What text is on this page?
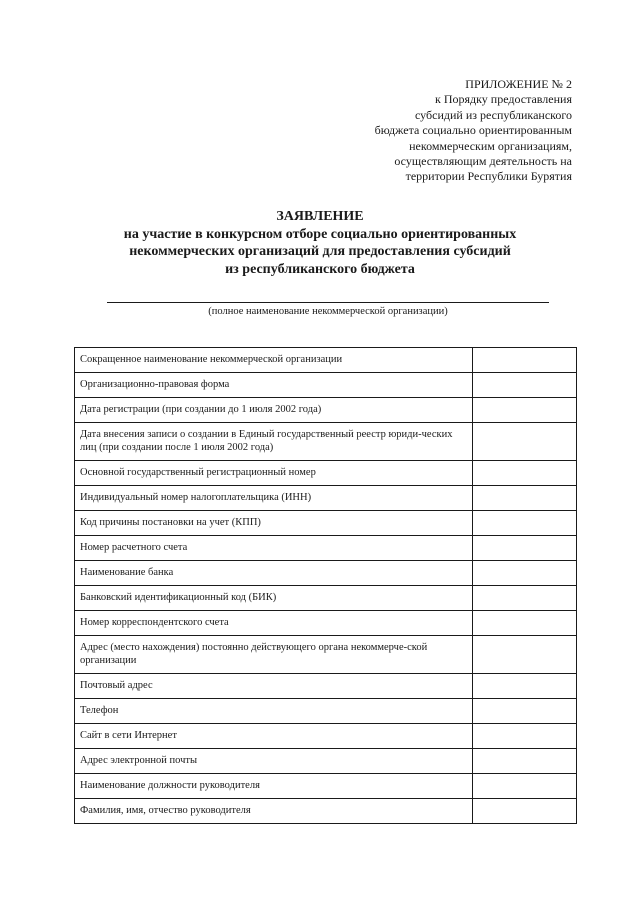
ПРИЛОЖЕНИЕ № 2
к Порядку предоставления
субсидий из республиканского
бюджета социально ориентированным
некоммерческим организациям,
осуществляющим деятельность на
территории Республики Бурятия
ЗАЯВЛЕНИЕ
на участие в конкурсном отборе социально ориентированных
некоммерческих организаций для предоставления субсидий
из республиканского бюджета
(полное наименование некоммерческой организации)
Сокращенное наименование некоммерческой организации	
Организационно-правовая форма	
Дата регистрации (при создании до 1 июля 2002 года)	
Дата внесения записи о создании в Единый государственный реестр юриди-ческих лиц (при создании после 1 июля 2002 года)	
Основной государственный регистрационный номер	
Индивидуальный номер налогоплательщика (ИНН)	
Код причины постановки на учет (КПП)	
Номер расчетного счета	
Наименование банка	
Банковский идентификационный код (БИК)	
Номер корреспондентского счета	
Адрес (место нахождения) постоянно действующего органа некоммерче-ской организации	
Почтовый адрес	
Телефон	
Сайт в сети Интернет	
Адрес электронной почты	
Наименование должности руководителя	
Фамилия, имя, отчество руководителя	
